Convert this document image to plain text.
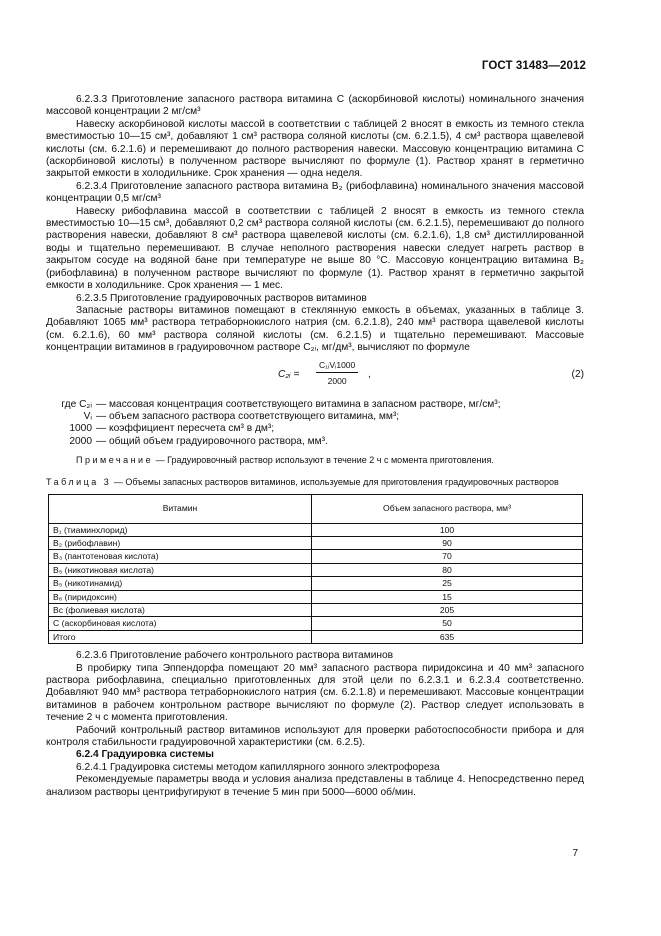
ГОСТ 31483—2012

6.2.3.3 Приготовление запасного раствора витамина С (аскорбиновой кислоты) номинального значения массовой концентрации 2 мг/см³

Навеску аскорбиновой кислоты массой в соответствии с таблицей 2 вносят в емкость из темного стекла вместимостью 10—15 см³, добавляют 1 см³ раствора соляной кислоты (см. 6.2.1.5), 4 см³ раствора щавелевой кислоты (см. 6.2.1.6) и перемешивают до полного растворения навески. Массовую концентрацию витамина С (аскорбиновой кислоты) в полученном растворе вычисляют по формуле (1). Раствор хранят в герметично закрытой емкости в холодильнике. Срок хранения — одна неделя.

6.2.3.4 Приготовление запасного раствора витамина B₂ (рибофлавина) номинального значения массовой концентрации 0,5 мг/см³

Навеску рибофлавина массой в соответствии с таблицей 2 вносят в емкость из темного стекла вместимостью 10—15 см³, добавляют 0,2 см³ раствора соляной кислоты (см. 6.2.1.5), перемешивают до полного растворения навески, добавляют 8 см³ раствора щавелевой кислоты (см. 6.2.1.6), 1,8 см³ дистиллированной воды и тщательно перемешивают. В случае неполного растворения навески следует нагреть раствор в закрытом сосуде на водяной бане при температуре не выше 80 °С. Массовую концентрацию витамина B₂ (рибофлавина) в полученном растворе вычисляют по формуле (1). Раствор хранят в герметично закрытой емкости в холодильнике. Срок хранения — 1 мес.

6.2.3.5 Приготовление градуировочных растворов витаминов

Запасные растворы витаминов помещают в стеклянную емкость в объемах, указанных в таблице 3. Добавляют 1065 мм³ раствора тетраборнокислого натрия (см. 6.2.1.8), 240 мм³ раствора щавелевой кислоты (см. 6.2.1.6), 60 мм³ раствора соляной кислоты (см. 6.2.1.5) и тщательно перемешивают. Массовые концентрации витаминов в градуировочном растворе C₂ᵢ, мг/дм³, вычисляют по формуле

C₂ᵢ =
C₁ᵢVᵢ1000
2000
,	(2)
где C₂ᵢ — массовая концентрация соответствующего витамина в запасном растворе, мг/см³;
Vᵢ — объем запасного раствора соответствующего витамина, мм³;
1000 — коэффициент пересчета см³ в дм³;
2000 — общий объем градуировочного раствора, мм³.

Примечание — Градуировочный раствор используют в течение 2 ч с момента приготовления.

Таблица 3 — Объемы запасных растворов витаминов, используемые для приготовления градуировочных растворов

Витамин	Объем запасного раствора, мм³
B₁ (тиаминхлорид)	100
B₂ (рибофлавин)	90
B₃ (пантотеновая кислота)	70
B₅ (никотиновая кислота)	80
B₅ (никотинамид)	25
B₆ (пиридоксин)	15
Bc (фолиевая кислота)	205
С (аскорбиновая кислота)	50
Итого	635

6.2.3.6 Приготовление рабочего контрольного раствора витаминов

В пробирку типа Эппендорфа помещают 20 мм³ запасного раствора пиридоксина и 40 мм³ запасного раствора рибофлавина, специально приготовленных для этой цели по 6.2.3.1 и 6.2.3.4 соответственно. Добавляют 940 мм³ раствора тетраборнокислого натрия (см. 6.2.1.8) и перемешивают. Массовые концентрации витаминов в рабочем контрольном растворе вычисляют по формуле (2). Раствор следует использовать в течение 2 ч с момента приготовления.

Рабочий контрольный раствор витаминов используют для проверки работоспособности прибора и для контроля стабильности градуировочной характеристики (см. 6.2.5).

6.2.4 Градуировка системы

6.2.4.1 Градуировка системы методом капиллярного зонного электрофореза

Рекомендуемые параметры ввода и условия анализа представлены в таблице 4. Непосредственно перед анализом растворы центрифугируют в течение 5 мин при 5000—6000 об/мин.

7
